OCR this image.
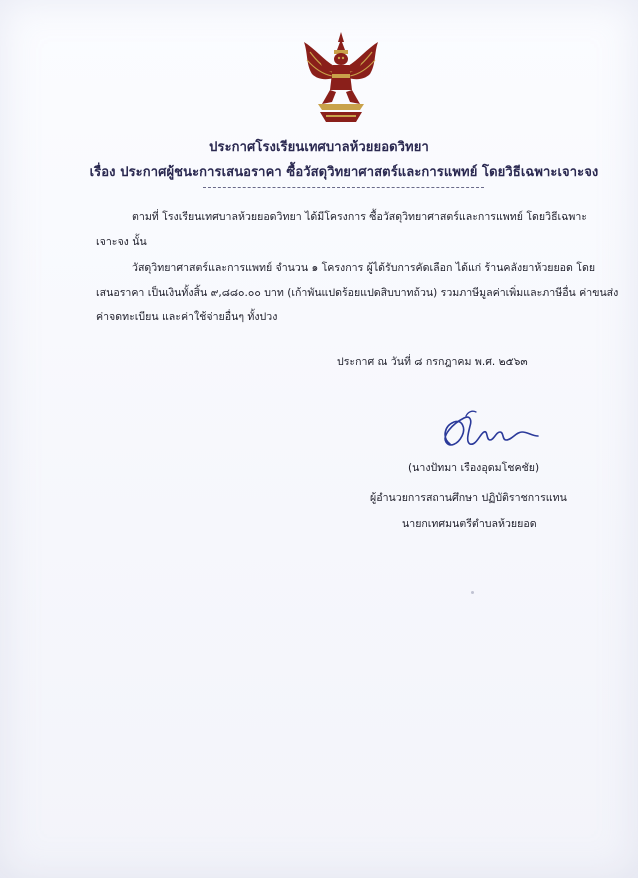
ประกาศโรงเรียนเทศบาลห้วยยอดวิทยา
เรื่อง ประกาศผู้ชนะการเสนอราคา ซื้อวัสดุวิทยาศาสตร์และการแพทย์ โดยวิธีเฉพาะเจาะจง
ตามที่ โรงเรียนเทศบาลห้วยยอดวิทยา ได้มีโครงการ ซื้อวัสดุวิทยาศาสตร์และการแพทย์ โดยวิธีเฉพาะ
เจาะจง นั้น
วัสดุวิทยาศาสตร์และการแพทย์ จำนวน ๑ โครงการ ผู้ได้รับการคัดเลือก ได้แก่ ร้านคลังยาห้วยยอด โดย
เสนอราคา เป็นเงินทั้งสิ้น ๙,๘๘๐.๐๐ บาท (เก้าพันแปดร้อยแปดสิบบาทถ้วน) รวมภาษีมูลค่าเพิ่มและภาษีอื่น ค่าขนส่ง
ค่าจดทะเบียน และค่าใช้จ่ายอื่นๆ ทั้งปวง
ประกาศ ณ วันที่ ๘ กรกฎาคม พ.ศ. ๒๕๖๓
(นางปัทมา เรืองอุดมโชคชัย)
ผู้อำนวยการสถานศึกษา ปฏิบัติราชการแทน
นายกเทศมนตรีตำบลห้วยยอด
